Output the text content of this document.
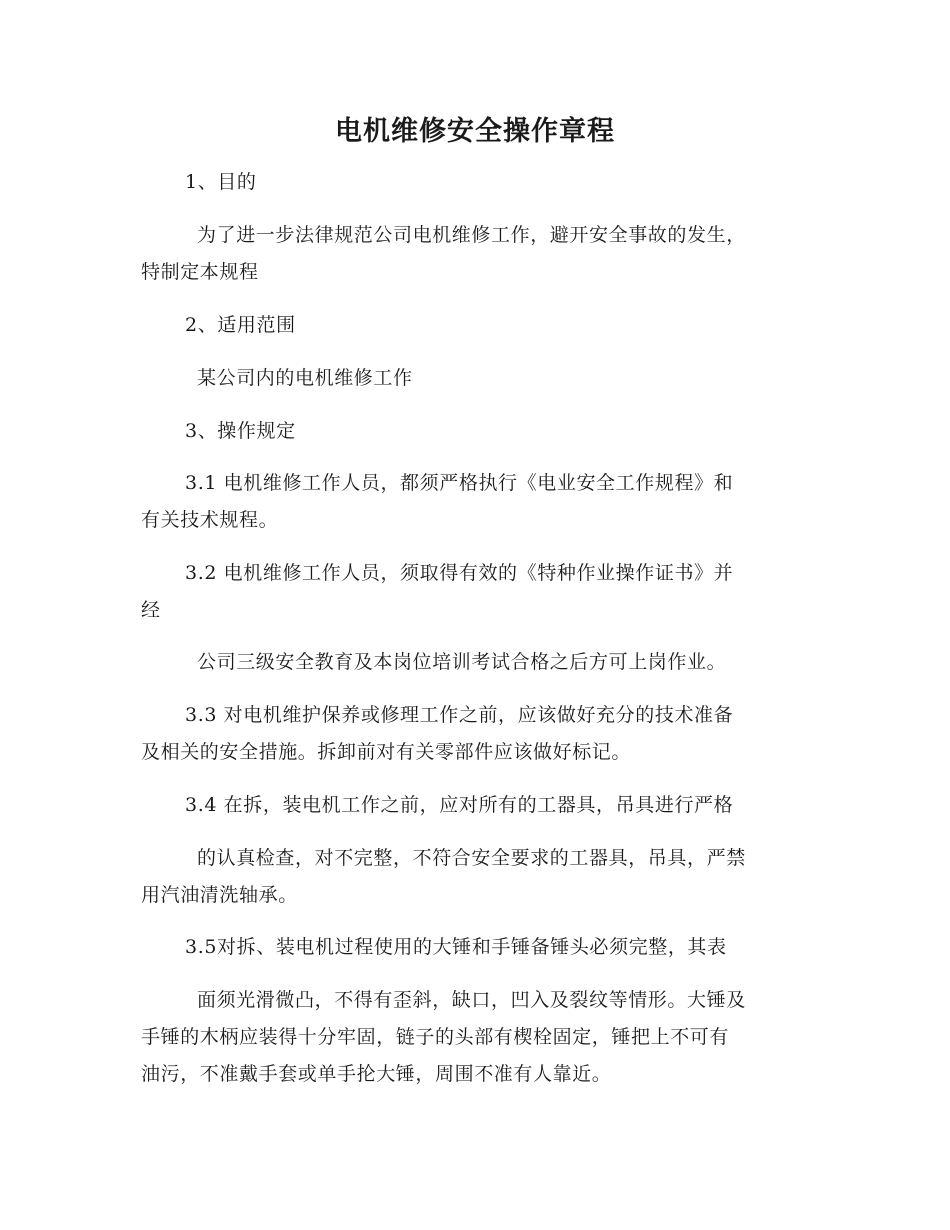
电机维修安全操作章程
1、目的
为了进一步法律规范公司电机维修工作，避开安全事故的发生，
特制定本规程
2、适用范围
某公司内的电机维修工作
3、操作规定
3.1 电机维修工作人员，都须严格执行《电业安全工作规程》和
有关技术规程。
3.2 电机维修工作人员，须取得有效的《特种作业操作证书》并
经
公司三级安全教育及本岗位培训考试合格之后方可上岗作业。
3.3 对电机维护保养或修理工作之前，应该做好充分的技术准备
及相关的安全措施。拆卸前对有关零部件应该做好标记。
3.4 在拆，装电机工作之前，应对所有的工器具，吊具进行严格
的认真检查，对不完整，不符合安全要求的工器具，吊具，严禁
用汽油清洗轴承。
3.5对拆、装电机过程使用的大锤和手锤备锤头必须完整，其表
面须光滑微凸，不得有歪斜，缺口，凹入及裂纹等情形。大锤及
手锤的木柄应装得十分牢固，链子的头部有楔栓固定，锤把上不可有
油污，不准戴手套或单手抡大锤，周围不准有人靠近。
